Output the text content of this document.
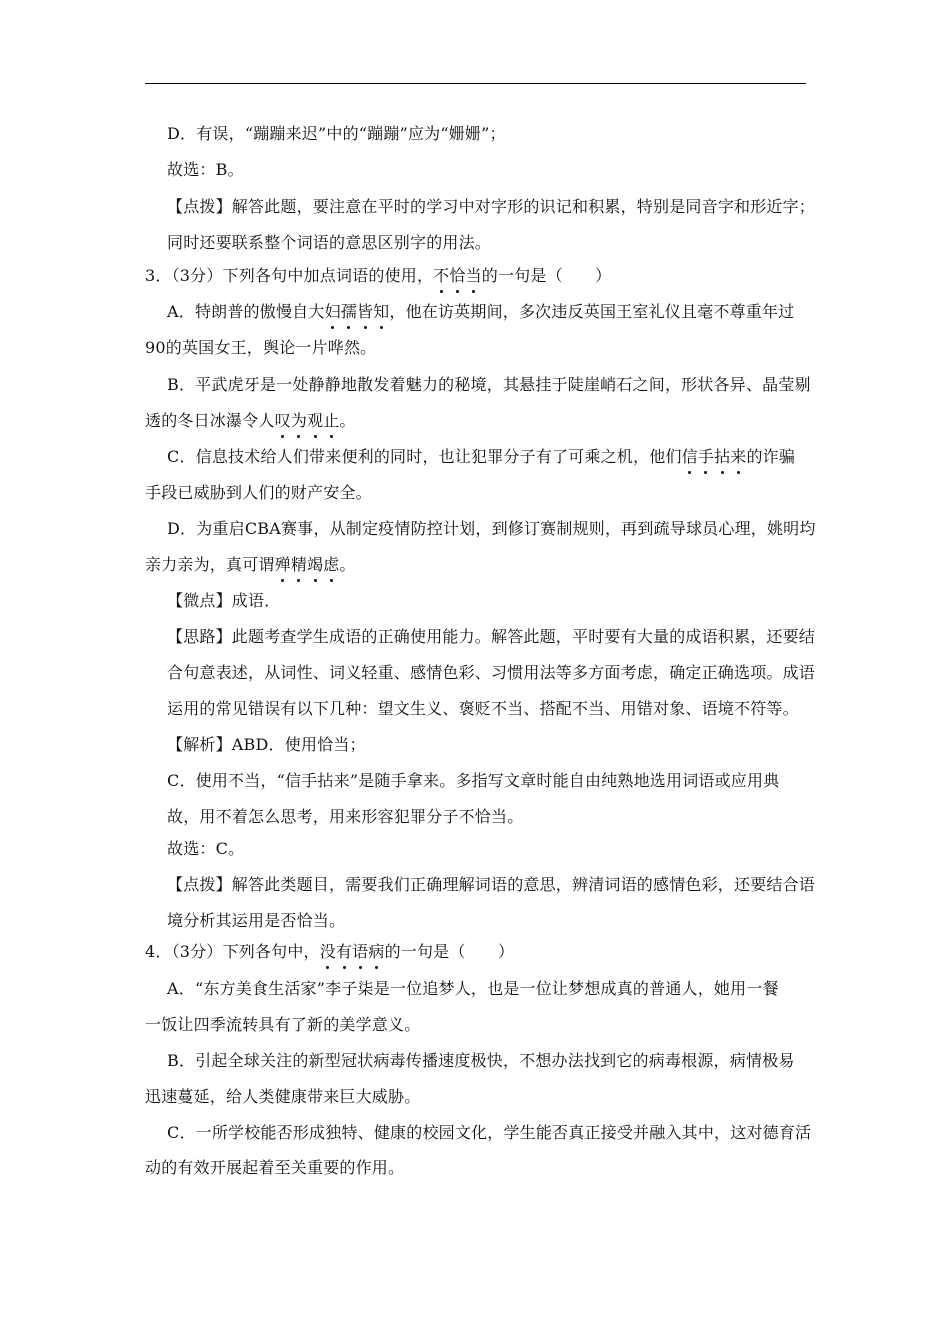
D．有误，“蹦蹦来迟”中的“蹦蹦”应为“姗姗”；
故选：B。
【点拨】解答此题，要注意在平时的学习中对字形的识记和积累，特别是同音字和形近字；
同时还要联系整个词语的意思区别字的用法。
3．（3分）下列各句中加点词语的使用，不恰当的一句是（　　）
A．特朗普的傲慢自大妇孺皆知，他在访英期间，多次违反英国王室礼仪且毫不尊重年过
90的英国女王，舆论一片哗然。
B．平武虎牙是一处静静地散发着魅力的秘境，其悬挂于陡崖峭石之间，形状各异、晶莹剔
透的冬日冰瀑令人叹为观止。
C．信息技术给人们带来便利的同时，也让犯罪分子有了可乘之机，他们信手拈来的诈骗
手段已威胁到人们的财产安全。
D．为重启CBA赛事，从制定疫情防控计划，到修订赛制规则，再到疏导球员心理，姚明均
亲力亲为，真可谓殚精竭虑。
【微点】成语．
【思路】此题考查学生成语的正确使用能力。解答此题，平时要有大量的成语积累，还要结
合句意表述，从词性、词义轻重、感情色彩、习惯用法等多方面考虑，确定正确选项。成语
运用的常见错误有以下几种：望文生义、褒贬不当、搭配不当、用错对象、语境不符等。
【解析】ABD．使用恰当；
C．使用不当，“信手拈来”是随手拿来。多指写文章时能自由纯熟地选用词语或应用典
故，用不着怎么思考，用来形容犯罪分子不恰当。
故选：C。
【点拨】解答此类题目，需要我们正确理解词语的意思，辨清词语的感情色彩，还要结合语
境分析其运用是否恰当。
4．（3分）下列各句中，没有语病的一句是（　　）
A．“东方美食生活家”李子柒是一位追梦人，也是一位让梦想成真的普通人，她用一餐
一饭让四季流转具有了新的美学意义。
B．引起全球关注的新型冠状病毒传播速度极快，不想办法找到它的病毒根源，病情极易
迅速蔓延，给人类健康带来巨大威胁。
C．一所学校能否形成独特、健康的校园文化，学生能否真正接受并融入其中，这对德育活
动的有效开展起着至关重要的作用。
